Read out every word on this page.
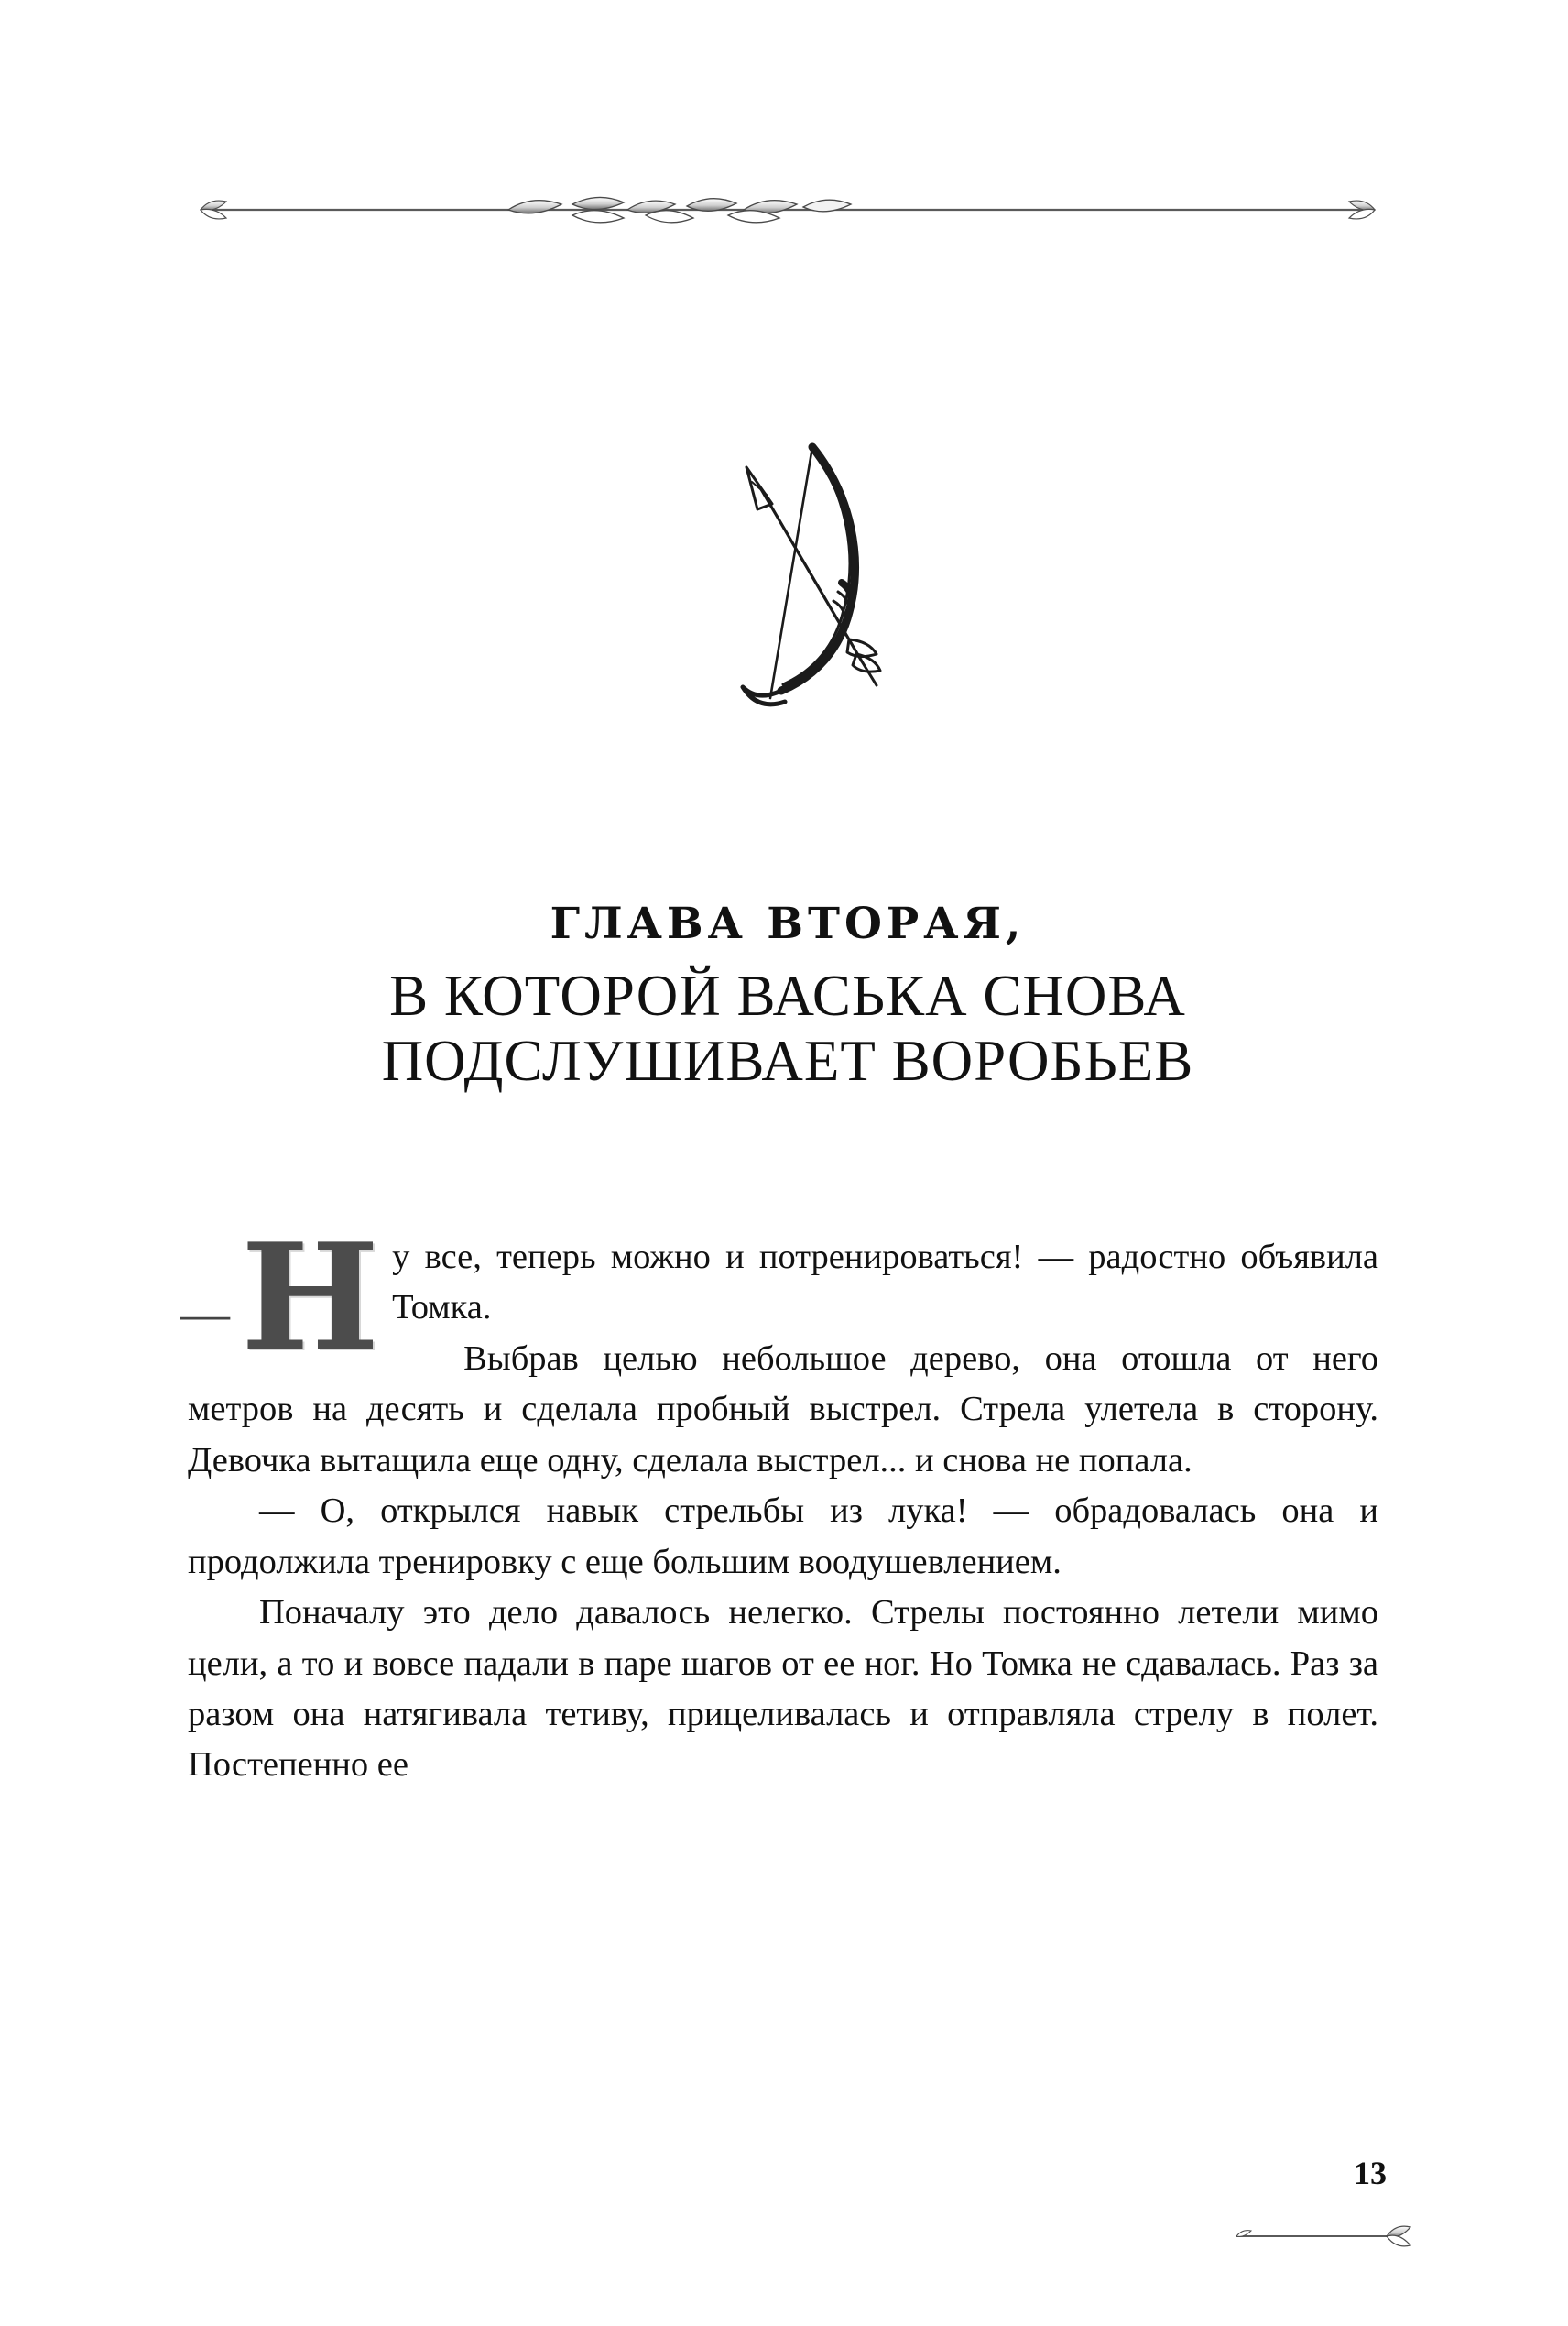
ГЛАВА ВТОРАЯ,
В КОТОРОЙ ВАСЬКА СНОВА
ПОДСЛУШИВАЕТ ВОРОБЬЕВ
— Н у все, теперь можно и потренироваться! — радостно объявила Томка.

Выбрав целью небольшое дерево, она отошла от него метров на десять и сделала пробный выстрел. Стрела улетела в сторону. Девочка вытащила еще одну, сделала выстрел... и снова не попала.

— О, открылся навык стрельбы из лука! — обрадовалась она и продолжила тренировку с еще большим воодушевлением.

Поначалу это дело давалось нелегко. Стрелы постоянно летели мимо цели, а то и вовсе падали в паре шагов от ее ног. Но Томка не сдавалась. Раз за разом она натягивала тетиву, прицеливалась и отправляла стрелу в полет. Постепенно ее

13
